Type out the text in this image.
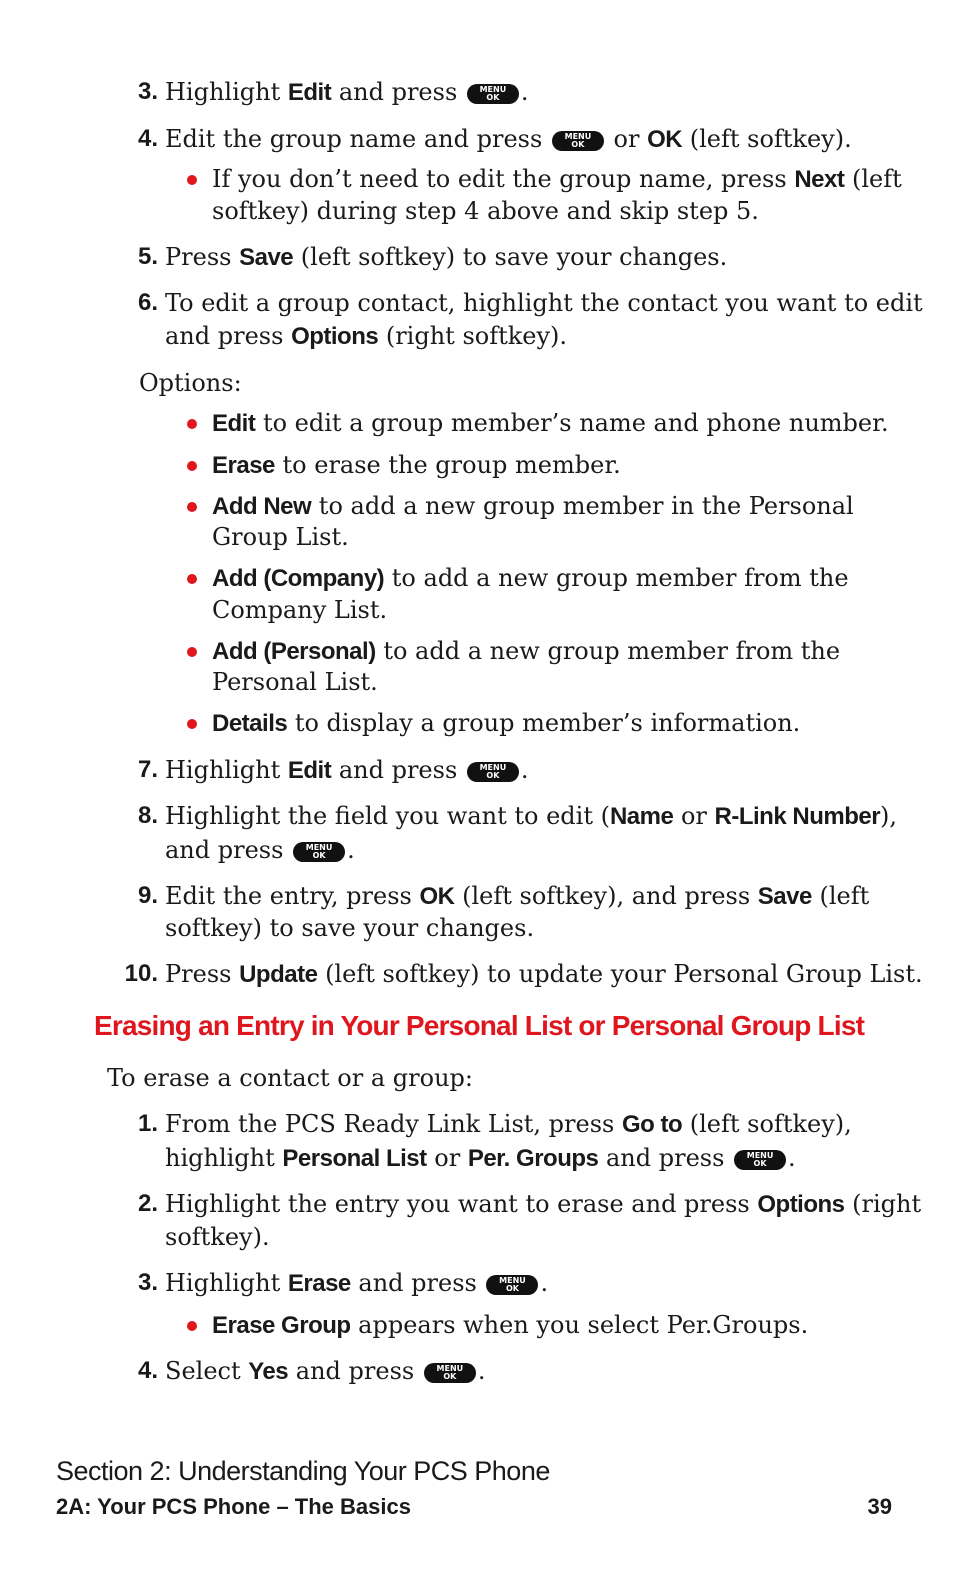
3. Highlight Edit and press	MENU
OK .
4. Edit the group name and press	MENU
OK or OK (left softkey).
If you don’t need to edit the group name, press Next (left
softkey) during step 4 above and skip step 5.
5. Press Save (left softkey) to save your changes.
6. To edit a group contact, highlight the contact you want to edit
and press Options (right softkey).
Options:
Edit to edit a group member’s name and phone number.
Erase to erase the group member.
Add New to add a new group member in the Personal
Group List.
Add (Company) to add a new group member from the
Company List.
Add (Personal) to add a new group member from the
Personal List.
Details to display a group member’s information.
7. Highlight Edit and press	MENU
OK .
8. Highlight the field you want to edit (Name or R-Link Number),
and press	MENU
OK .
9. Edit the entry, press OK (left softkey), and press Save (left
softkey) to save your changes.
10. Press Update (left softkey) to update your Personal Group List.
Erasing an Entry in Your Personal List or Personal Group List
To erase a contact or a group:
1. From the PCS Ready Link List, press Go to (left softkey),
highlight Personal List or Per. Groups and press	MENU
OK .
2. Highlight the entry you want to erase and press Options (right
softkey).
3. Highlight Erase and press	MENU
OK .
Erase Group appears when you select Per.Groups.
4. Select Yes and press	MENU
OK .
Section 2: Understanding Your PCS Phone
2A: Your PCS Phone – The Basics	39
